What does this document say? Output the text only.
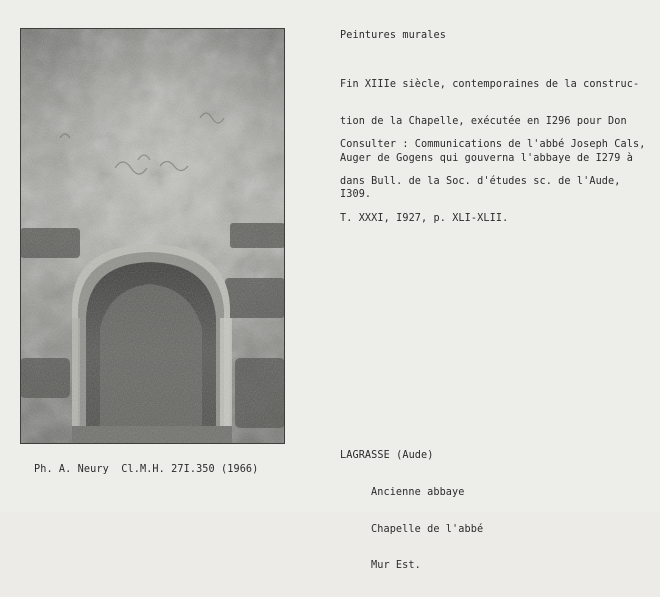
Peintures murales

Fin XIIIe siècle, contemporaines de la construc-

tion de la Chapelle, exécutée en I296 pour Don

Auger de Gogens qui gouverna l'abbaye de I279 à

I309.

Consulter : Communications de l'abbé Joseph Cals,

dans Bull. de la Soc. d'études sc. de l'Aude,

T. XXXI, I927, p. XLI-XLII.

LAGRASSE (Aude)

Ancienne abbaye

Chapelle de l'abbé

Mur Est.

Ph. A. Neury  Cl.M.H. 27I.350 (1966)
